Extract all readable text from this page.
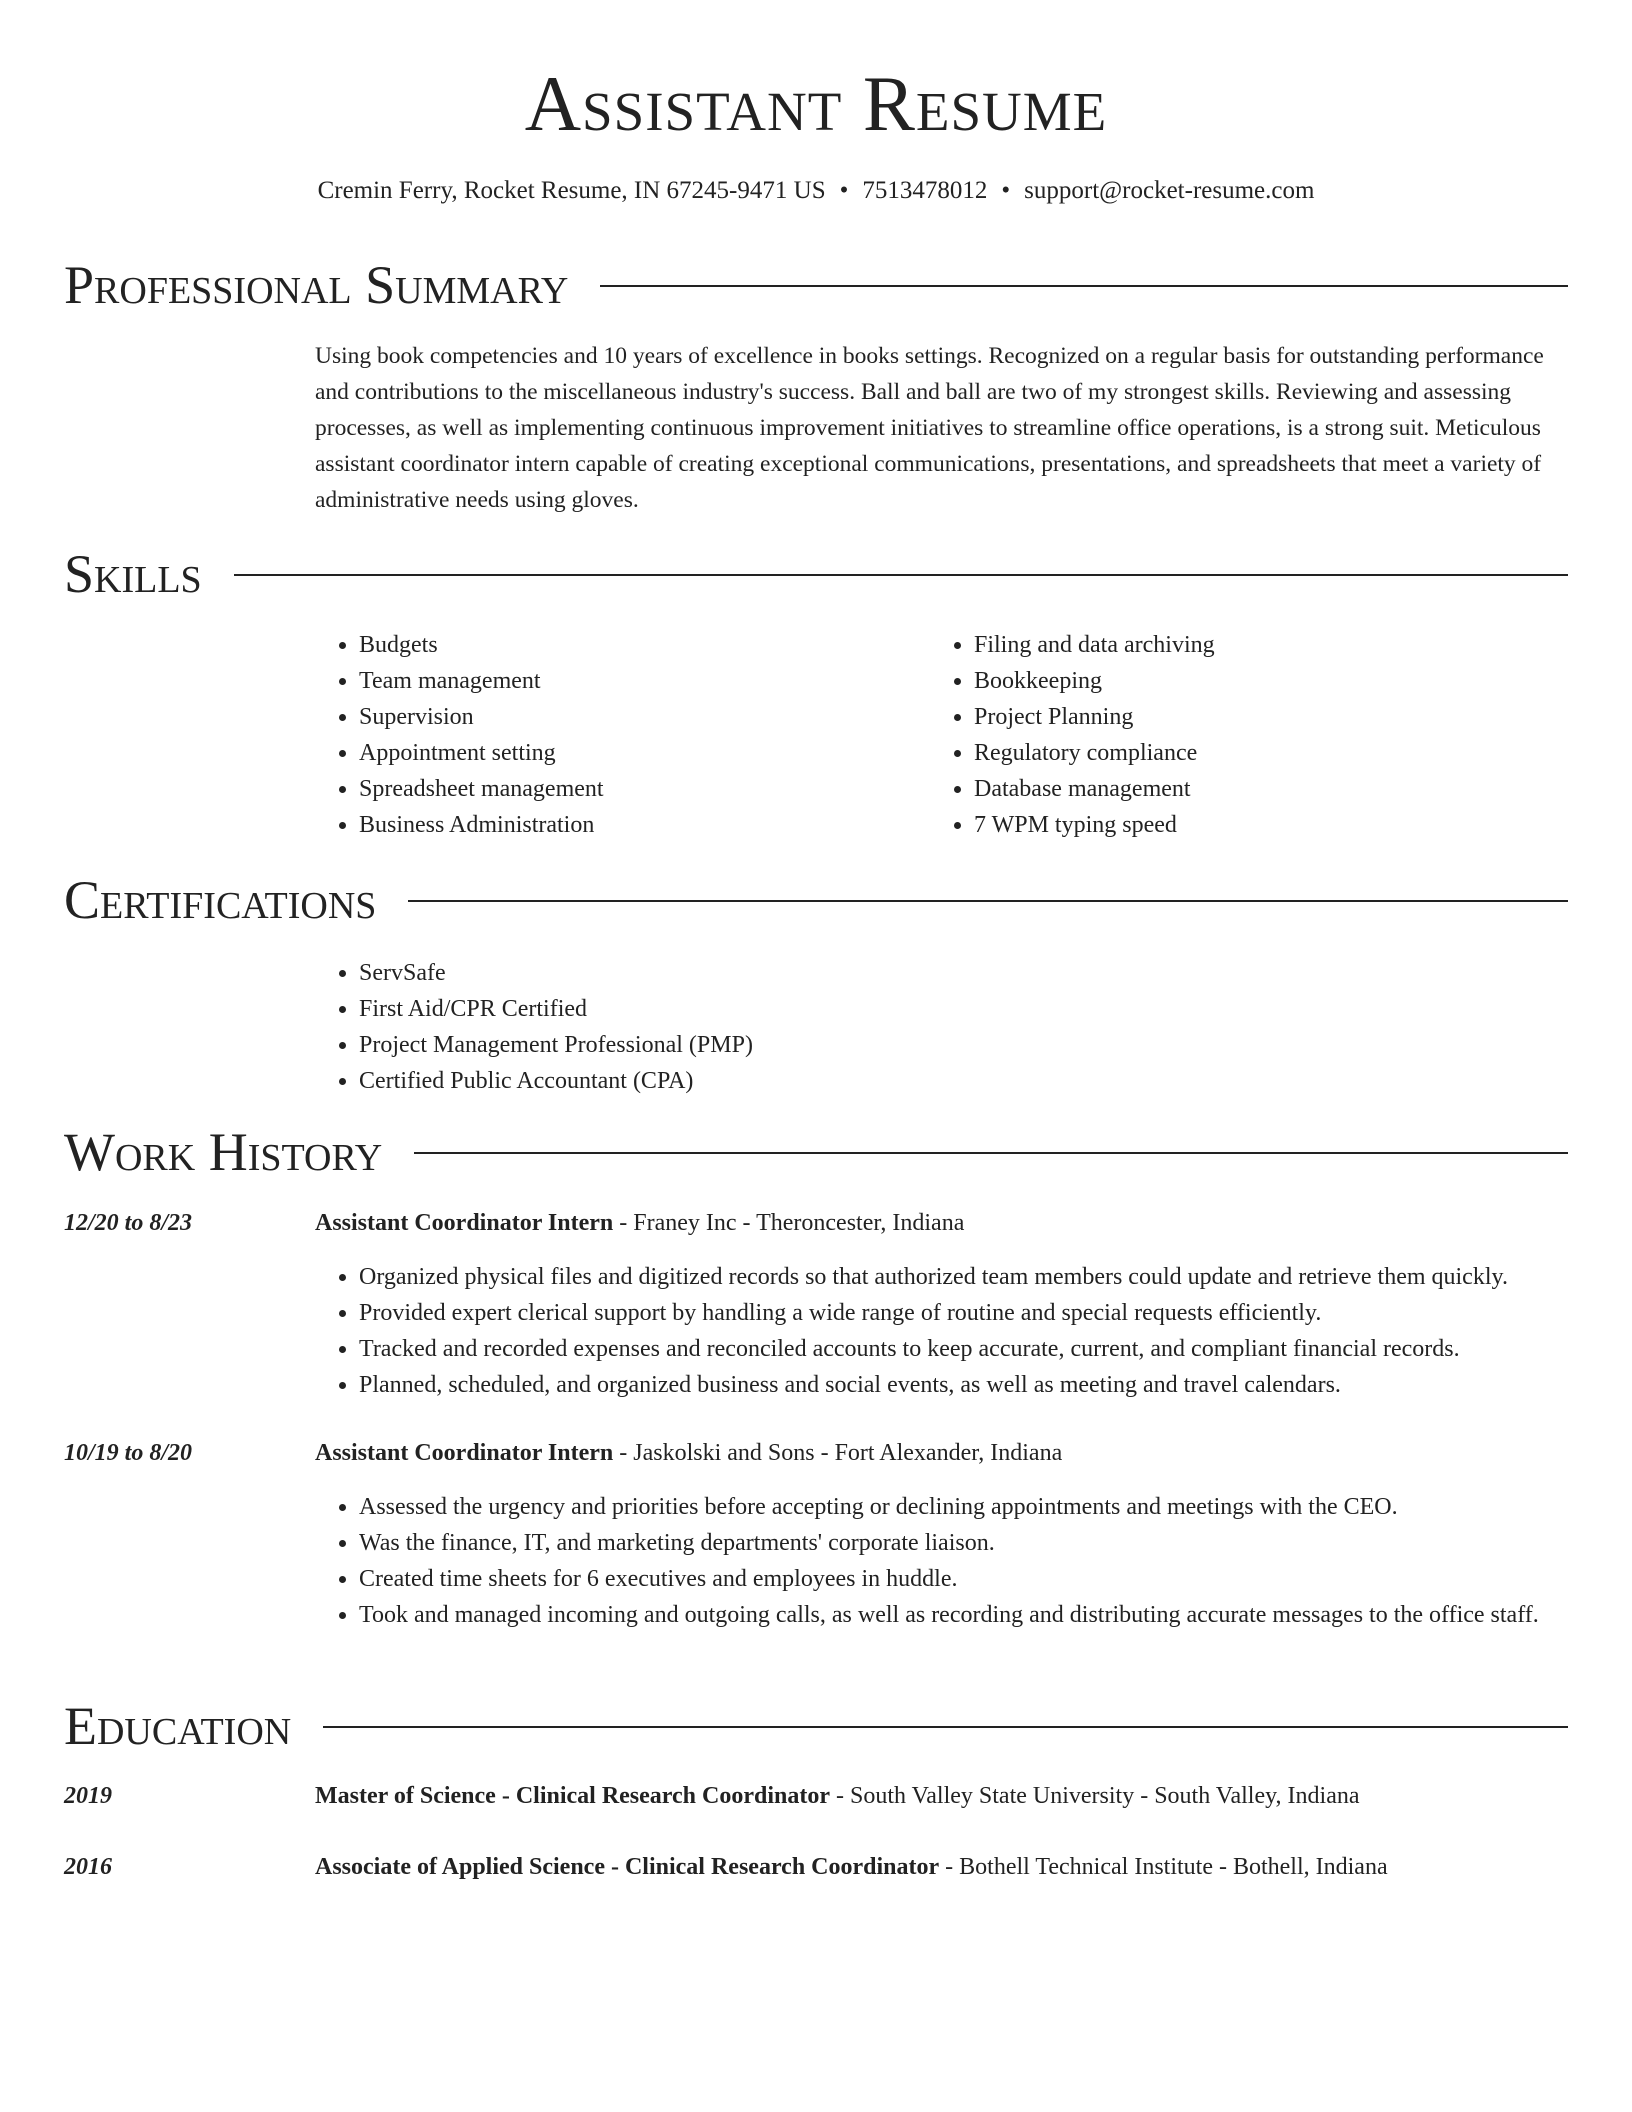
Assistant Resume
Cremin Ferry, Rocket Resume, IN 67245-9471 US • 7513478012 • support@rocket-resume.com
Professional Summary

Using book competencies and 10 years of excellence in books settings. Recognized on a regular basis for outstanding performance and contributions to the miscellaneous industry's success. Ball and ball are two of my strongest skills. Reviewing and assessing processes, as well as implementing continuous improvement initiatives to streamline office operations, is a strong suit. Meticulous assistant coordinator intern capable of creating exceptional communications, presentations, and spreadsheets that meet a variety of administrative needs using gloves.

Skills
• Budgets
• Team management
• Supervision
• Appointment setting
• Spreadsheet management
• Business Administration
• Filing and data archiving
• Bookkeeping
• Project Planning
• Regulatory compliance
• Database management
• 7 WPM typing speed
Certifications
• ServSafe
• First Aid/CPR Certified
• Project Management Professional (PMP)
• Certified Public Accountant (CPA)
Work History
12/20 to 8/23	Assistant Coordinator Intern - Franey Inc - Theroncester, Indiana
• Organized physical files and digitized records so that authorized team members could update and retrieve them quickly.
• Provided expert clerical support by handling a wide range of routine and special requests efficiently.
• Tracked and recorded expenses and reconciled accounts to keep accurate, current, and compliant financial records.
• Planned, scheduled, and organized business and social events, as well as meeting and travel calendars.
10/19 to 8/20	Assistant Coordinator Intern - Jaskolski and Sons - Fort Alexander, Indiana
• Assessed the urgency and priorities before accepting or declining appointments and meetings with the CEO.
• Was the finance, IT, and marketing departments' corporate liaison.
• Created time sheets for 6 executives and employees in huddle.
• Took and managed incoming and outgoing calls, as well as recording and distributing accurate messages to the office staff.
Education
2019	Master of Science - Clinical Research Coordinator - South Valley State University - South Valley, Indiana
2016	Associate of Applied Science - Clinical Research Coordinator - Bothell Technical Institute - Bothell, Indiana
